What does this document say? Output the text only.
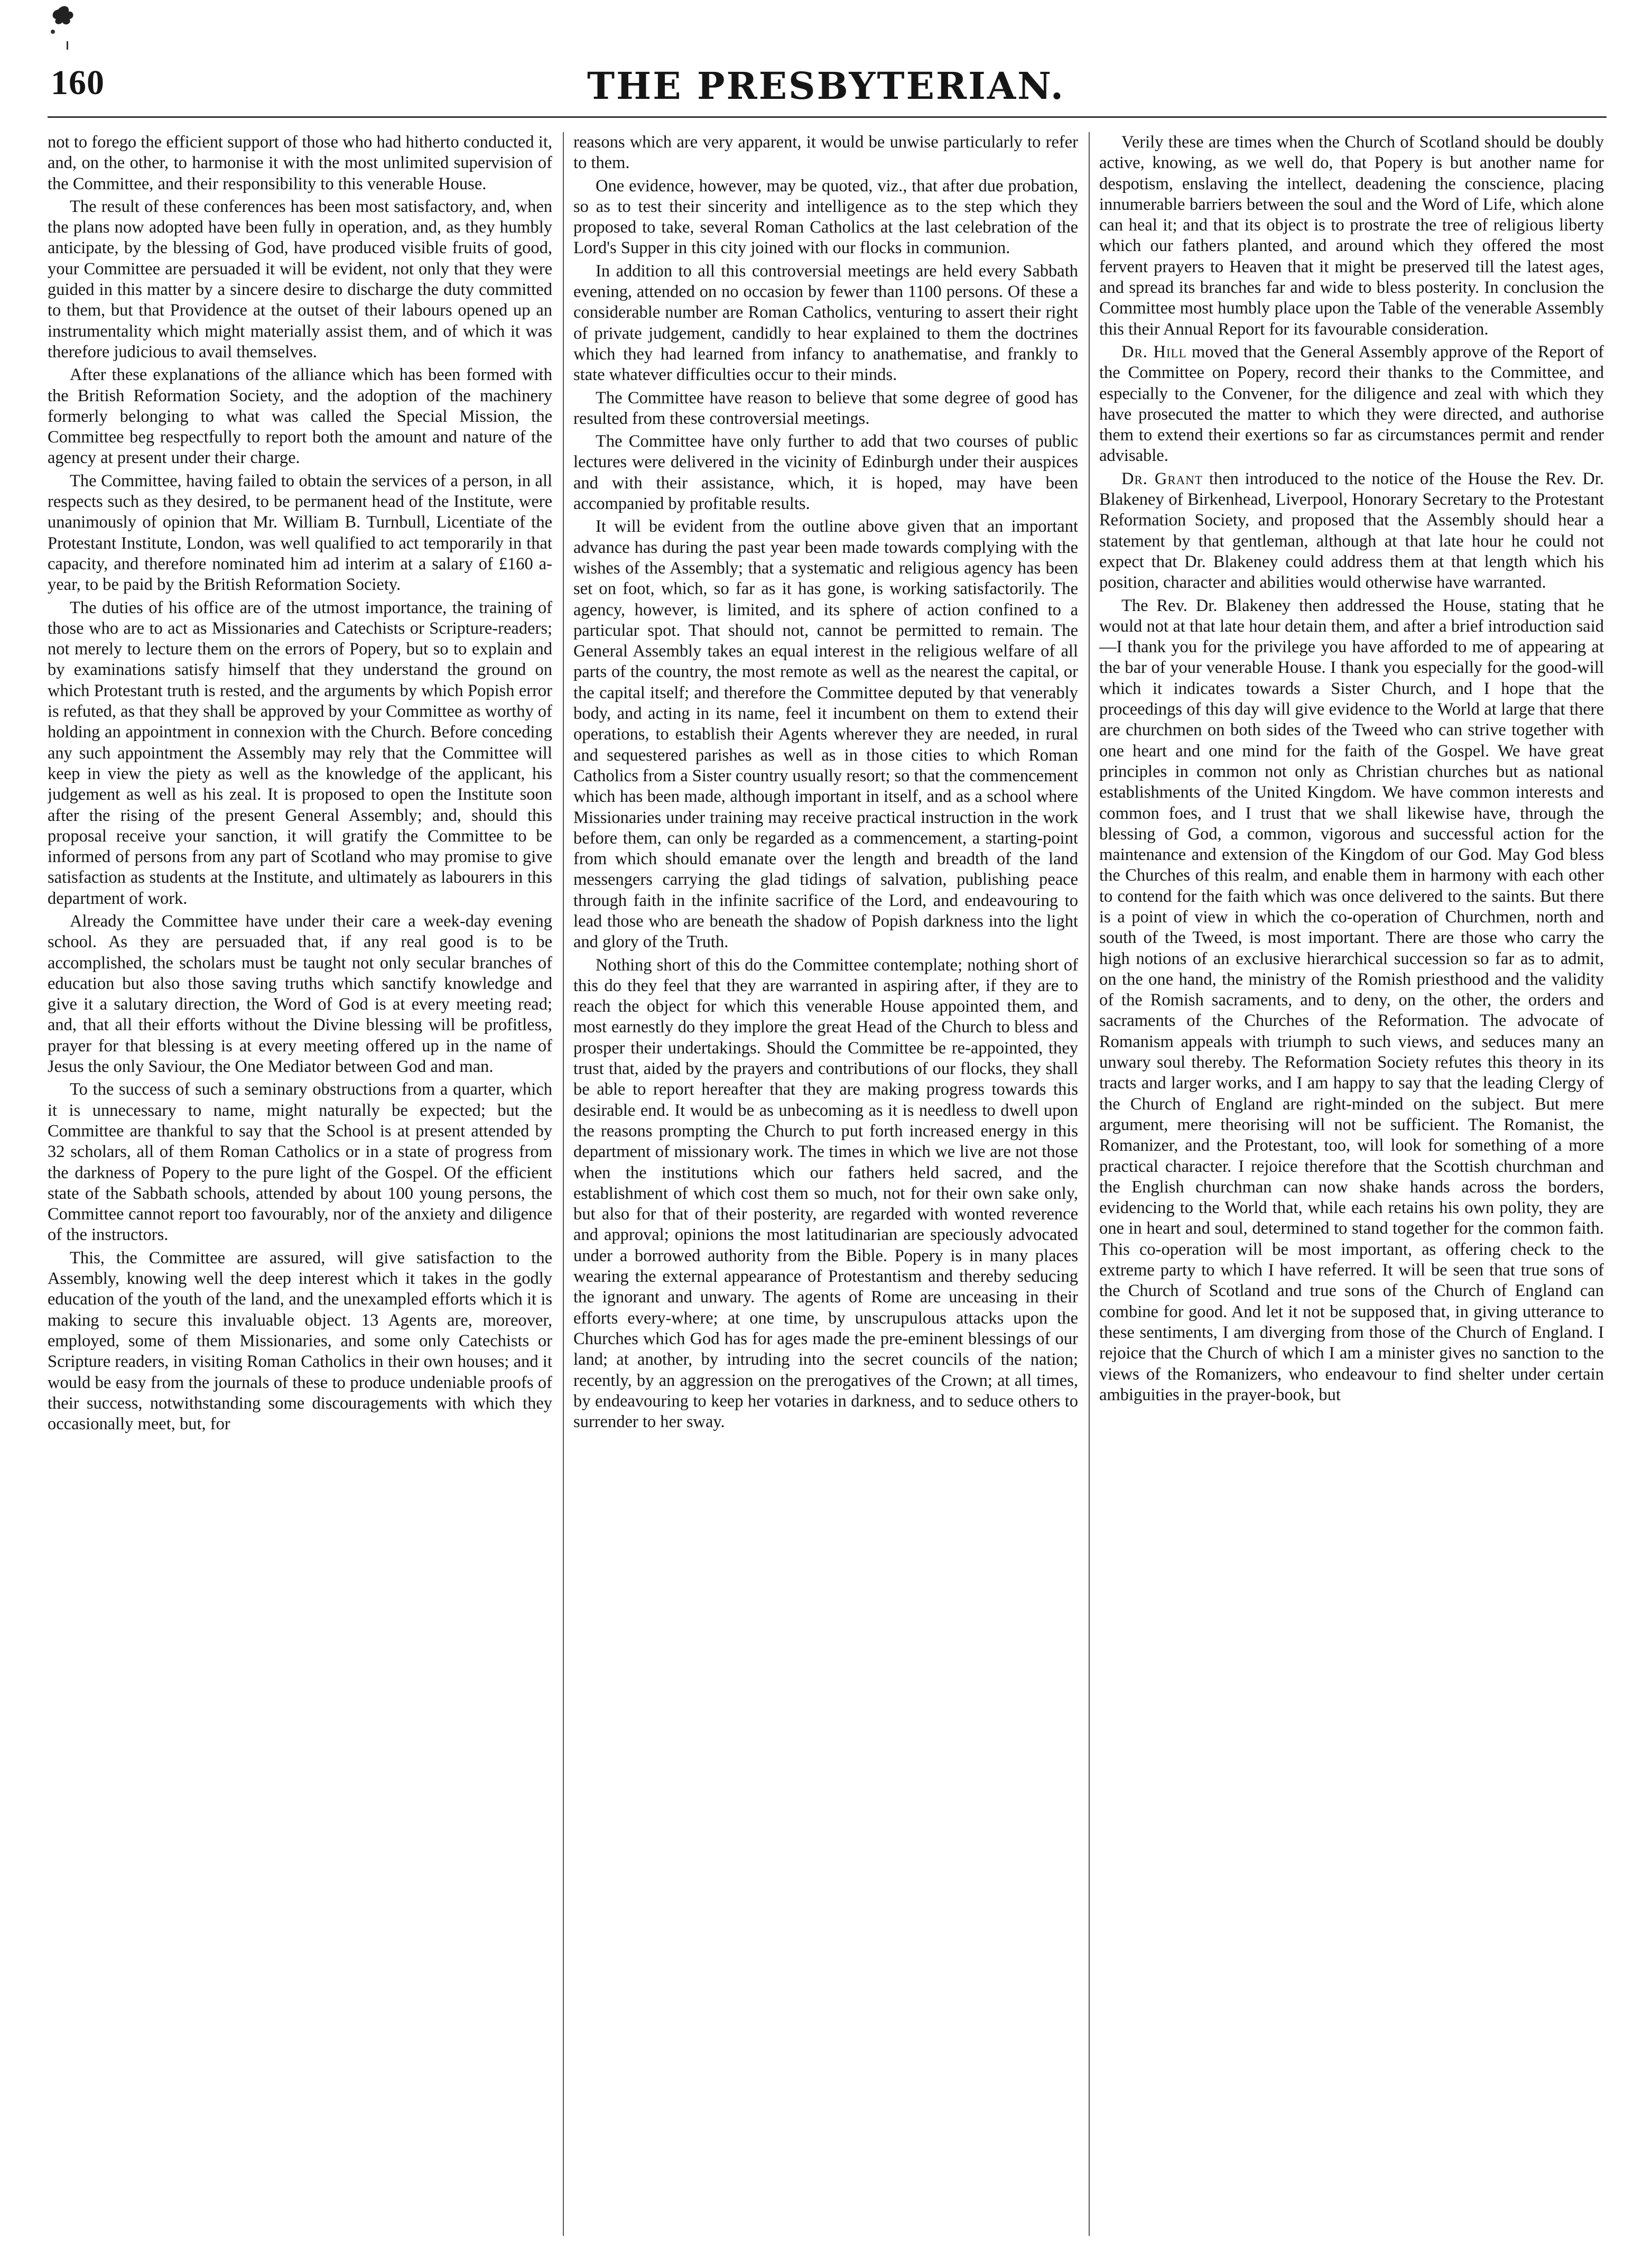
160	THE PRESBYTERIAN.

not to forego the efficient support of those who had hitherto conducted it, and, on the other, to harmonise it with the most unlimited supervision of the Committee, and their responsibility to this venerable House.

The result of these conferences has been most satisfactory, and, when the plans now adopted have been fully in operation, and, as they humbly anticipate, by the blessing of God, have produced visible fruits of good, your Committee are persuaded it will be evident, not only that they were guided in this matter by a sincere desire to discharge the duty committed to them, but that Providence at the outset of their labours opened up an instrumentality which might materially assist them, and of which it was therefore judicious to avail themselves.

After these explanations of the alliance which has been formed with the British Reformation Society, and the adoption of the machinery formerly belonging to what was called the Special Mission, the Committee beg respectfully to report both the amount and nature of the agency at present under their charge.

The Committee, having failed to obtain the services of a person, in all respects such as they desired, to be permanent head of the Institute, were unanimously of opinion that Mr. William B. Turnbull, Licentiate of the Protestant Institute, London, was well qualified to act temporarily in that capacity, and therefore nominated him ad interim at a salary of £160 a-year, to be paid by the British Reformation Society.

The duties of his office are of the utmost importance, the training of those who are to act as Missionaries and Catechists or Scripture-readers; not merely to lecture them on the errors of Popery, but so to explain and by examinations satisfy himself that they understand the ground on which Protestant truth is rested, and the arguments by which Popish error is refuted, as that they shall be approved by your Committee as worthy of holding an appointment in connexion with the Church. Before conceding any such appointment the Assembly may rely that the Committee will keep in view the piety as well as the knowledge of the applicant, his judgement as well as his zeal. It is proposed to open the Institute soon after the rising of the present General Assembly; and, should this proposal receive your sanction, it will gratify the Committee to be informed of persons from any part of Scotland who may promise to give satisfaction as students at the Institute, and ultimately as labourers in this department of work.

Already the Committee have under their care a week-day evening school. As they are persuaded that, if any real good is to be accomplished, the scholars must be taught not only secular branches of education but also those saving truths which sanctify knowledge and give it a salutary direction, the Word of God is at every meeting read; and, that all their efforts without the Divine blessing will be profitless, prayer for that blessing is at every meeting offered up in the name of Jesus the only Saviour, the One Mediator between God and man.

To the success of such a seminary obstructions from a quarter, which it is unnecessary to name, might naturally be expected; but the Committee are thankful to say that the School is at present attended by 32 scholars, all of them Roman Catholics or in a state of progress from the darkness of Popery to the pure light of the Gospel. Of the efficient state of the Sabbath schools, attended by about 100 young persons, the Committee cannot report too favourably, nor of the anxiety and diligence of the instructors.

This, the Committee are assured, will give satisfaction to the Assembly, knowing well the deep interest which it takes in the godly education of the youth of the land, and the unexampled efforts which it is making to secure this invaluable object. 13 Agents are, moreover, employed, some of them Missionaries, and some only Catechists or Scripture readers, in visiting Roman Catholics in their own houses; and it would be easy from the journals of these to produce undeniable proofs of their success, notwithstanding some discouragements with which they occasionally meet, but, for

reasons which are very apparent, it would be unwise particularly to refer to them.

One evidence, however, may be quoted, viz., that after due probation, so as to test their sincerity and intelligence as to the step which they proposed to take, several Roman Catholics at the last celebration of the Lord's Supper in this city joined with our flocks in communion.

In addition to all this controversial meetings are held every Sabbath evening, attended on no occasion by fewer than 1100 persons. Of these a considerable number are Roman Catholics, venturing to assert their right of private judgement, candidly to hear explained to them the doctrines which they had learned from infancy to anathematise, and frankly to state whatever difficulties occur to their minds.

The Committee have reason to believe that some degree of good has resulted from these controversial meetings.

The Committee have only further to add that two courses of public lectures were delivered in the vicinity of Edinburgh under their auspices and with their assistance, which, it is hoped, may have been accompanied by profitable results.

It will be evident from the outline above given that an important advance has during the past year been made towards complying with the wishes of the Assembly; that a systematic and religious agency has been set on foot, which, so far as it has gone, is working satisfactorily. The agency, however, is limited, and its sphere of action confined to a particular spot. That should not, cannot be permitted to remain. The General Assembly takes an equal interest in the religious welfare of all parts of the country, the most remote as well as the nearest the capital, or the capital itself; and therefore the Committee deputed by that venerably body, and acting in its name, feel it incumbent on them to extend their operations, to establish their Agents wherever they are needed, in rural and sequestered parishes as well as in those cities to which Roman Catholics from a Sister country usually resort; so that the commencement which has been made, although important in itself, and as a school where Missionaries under training may receive practical instruction in the work before them, can only be regarded as a commencement, a starting-point from which should emanate over the length and breadth of the land messengers carrying the glad tidings of salvation, publishing peace through faith in the infinite sacrifice of the Lord, and endeavouring to lead those who are beneath the shadow of Popish darkness into the light and glory of the Truth.

Nothing short of this do the Committee contemplate; nothing short of this do they feel that they are warranted in aspiring after, if they are to reach the object for which this venerable House appointed them, and most earnestly do they implore the great Head of the Church to bless and prosper their undertakings. Should the Committee be re-appointed, they trust that, aided by the prayers and contributions of our flocks, they shall be able to report hereafter that they are making progress towards this desirable end. It would be as unbecoming as it is needless to dwell upon the reasons prompting the Church to put forth increased energy in this department of missionary work. The times in which we live are not those when the institutions which our fathers held sacred, and the establishment of which cost them so much, not for their own sake only, but also for that of their posterity, are regarded with wonted reverence and approval; opinions the most latitudinarian are speciously advocated under a borrowed authority from the Bible. Popery is in many places wearing the external appearance of Protestantism and thereby seducing the ignorant and unwary. The agents of Rome are unceasing in their efforts every-where; at one time, by unscrupulous attacks upon the Churches which God has for ages made the pre-eminent blessings of our land; at another, by intruding into the secret councils of the nation; recently, by an aggression on the prerogatives of the Crown; at all times, by endeavouring to keep her votaries in darkness, and to seduce others to surrender to her sway.

Verily these are times when the Church of Scotland should be doubly active, knowing, as we well do, that Popery is but another name for despotism, enslaving the intellect, deadening the conscience, placing innumerable barriers between the soul and the Word of Life, which alone can heal it; and that its object is to prostrate the tree of religious liberty which our fathers planted, and around which they offered the most fervent prayers to Heaven that it might be preserved till the latest ages, and spread its branches far and wide to bless posterity. In conclusion the Committee most humbly place upon the Table of the venerable Assembly this their Annual Report for its favourable consideration.

Dr. Hill moved that the General Assembly approve of the Report of the Committee on Popery, record their thanks to the Committee, and especially to the Convener, for the diligence and zeal with which they have prosecuted the matter to which they were directed, and authorise them to extend their exertions so far as circumstances permit and render advisable.

Dr. Grant then introduced to the notice of the House the Rev. Dr. Blakeney of Birkenhead, Liverpool, Honorary Secretary to the Protestant Reformation Society, and proposed that the Assembly should hear a statement by that gentleman, although at that late hour he could not expect that Dr. Blakeney could address them at that length which his position, character and abilities would otherwise have warranted.

The Rev. Dr. Blakeney then addressed the House, stating that he would not at that late hour detain them, and after a brief introduction said—I thank you for the privilege you have afforded to me of appearing at the bar of your venerable House. I thank you especially for the good-will which it indicates towards a Sister Church, and I hope that the proceedings of this day will give evidence to the World at large that there are churchmen on both sides of the Tweed who can strive together with one heart and one mind for the faith of the Gospel. We have great principles in common not only as Christian churches but as national establishments of the United Kingdom. We have common interests and common foes, and I trust that we shall likewise have, through the blessing of God, a common, vigorous and successful action for the maintenance and extension of the Kingdom of our God. May God bless the Churches of this realm, and enable them in harmony with each other to contend for the faith which was once delivered to the saints. But there is a point of view in which the co-operation of Churchmen, north and south of the Tweed, is most important. There are those who carry the high notions of an exclusive hierarchical succession so far as to admit, on the one hand, the ministry of the Romish priesthood and the validity of the Romish sacraments, and to deny, on the other, the orders and sacraments of the Churches of the Reformation. The advocate of Romanism appeals with triumph to such views, and seduces many an unwary soul thereby. The Reformation Society refutes this theory in its tracts and larger works, and I am happy to say that the leading Clergy of the Church of England are right-minded on the subject. But mere argument, mere theorising will not be sufficient. The Romanist, the Romanizer, and the Protestant, too, will look for something of a more practical character. I rejoice therefore that the Scottish churchman and the English churchman can now shake hands across the borders, evidencing to the World that, while each retains his own polity, they are one in heart and soul, determined to stand together for the common faith. This co-operation will be most important, as offering check to the extreme party to which I have referred. It will be seen that true sons of the Church of Scotland and true sons of the Church of England can combine for good. And let it not be supposed that, in giving utterance to these sentiments, I am diverging from those of the Church of England. I rejoice that the Church of which I am a minister gives no sanction to the views of the Romanizers, who endeavour to find shelter under certain ambiguities in the prayer-book, but
